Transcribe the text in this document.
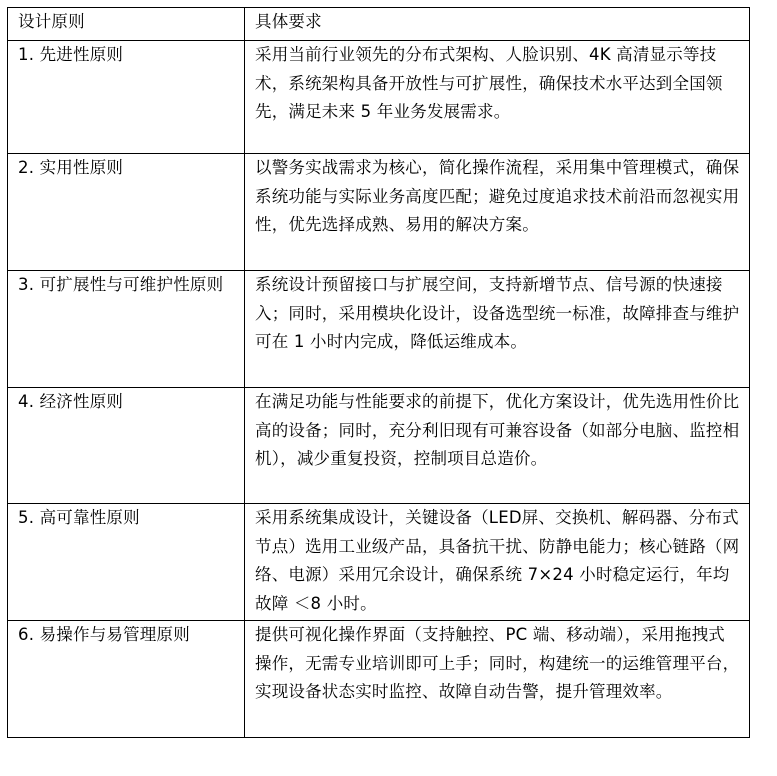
设计原则	具体要求
1. 先进性原则	采用当前行业领先的分布式架构、人脸识别、4K 高清显示等技术，系统架构具备开放性与可扩展性，确保技术水平达到全国领先，满足未来 5 年业务发展需求。
2. 实用性原则	以警务实战需求为核心，简化操作流程，采用集中管理模式，确保系统功能与实际业务高度匹配；避免过度追求技术前沿而忽视实用性，优先选择成熟、易用的解决方案。
3. 可扩展性与可维护性原则	系统设计预留接口与扩展空间，支持新增节点、信号源的快速接入；同时，采用模块化设计，设备选型统一标准，故障排查与维护可在 1 小时内完成，降低运维成本。
4. 经济性原则	在满足功能与性能要求的前提下，优化方案设计，优先选用性价比高的设备；同时，充分利旧现有可兼容设备（如部分电脑、监控相机），减少重复投资，控制项目总造价。
5. 高可靠性原则	采用系统集成设计，关键设备（LED屏、交换机、解码器、分布式节点）选用工业级产品，具备抗干扰、防静电能力；核心链路（网络、电源）采用冗余设计，确保系统 7×24 小时稳定运行，年均故障 ＜8 小时。
6. 易操作与易管理原则	提供可视化操作界面（支持触控、PC 端、移动端），采用拖拽式操作，无需专业培训即可上手；同时，构建统一的运维管理平台，实现设备状态实时监控、故障自动告警，提升管理效率。
